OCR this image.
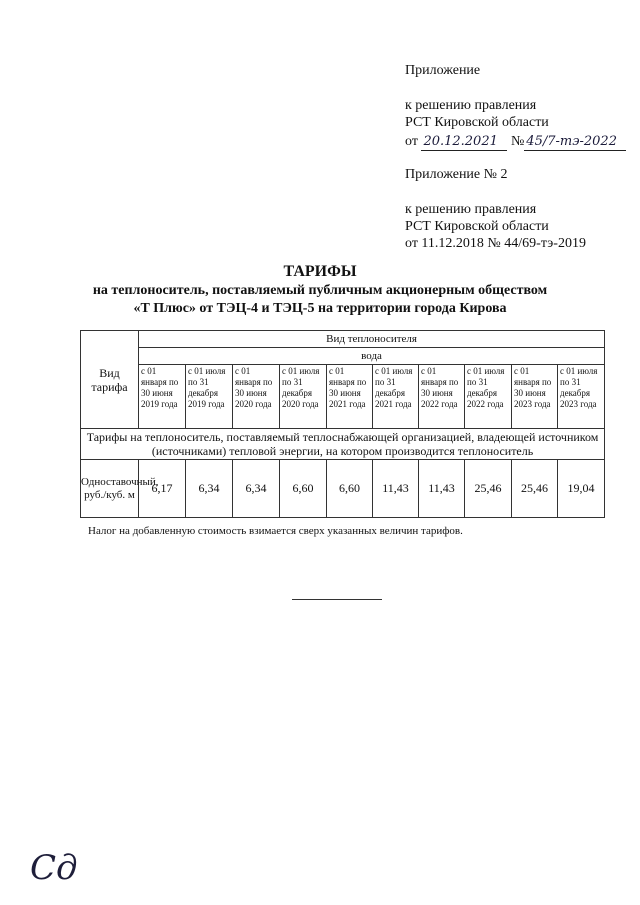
Приложение
к решению правления
РСТ Кировской области
от 20.12.2021 № 45/7-тэ-2022
Приложение № 2
к решению правления
РСТ Кировской области
от 11.12.2018 № 44/69-тэ-2019
ТАРИФЫ
на теплоноситель, поставляемый публичным акционерным обществом
«Т Плюс» от ТЭЦ-4 и ТЭЦ-5 на территории города Кирова
Вид тарифа	Вид теплоносителя									
	вода									
	с 01 января по 30 июня 2019 года	с 01 июля по 31 декабря 2019 года	с 01 января по 30 июня 2020 года	с 01 июля по 31 декабря 2020 года	с 01 января по 30 июня 2021 года	с 01 июля по 31 декабря 2021 года	с 01 января по 30 июня 2022 года	с 01 июля по 31 декабря 2022 года	с 01 января по 30 июня 2023 года	с 01 июля по 31 декабря 2023 года
Тарифы на теплоноситель, поставляемый теплоснабжающей организацией, владеющей источником (источниками) тепловой энергии, на котором производится теплоноситель										
Одноставочный, руб./куб. м	6,17	6,34	6,34	6,60	6,60	11,43	11,43	25,46	25,46	19,04
Налог на добавленную стоимость взимается сверх указанных величин тарифов.
Сд
